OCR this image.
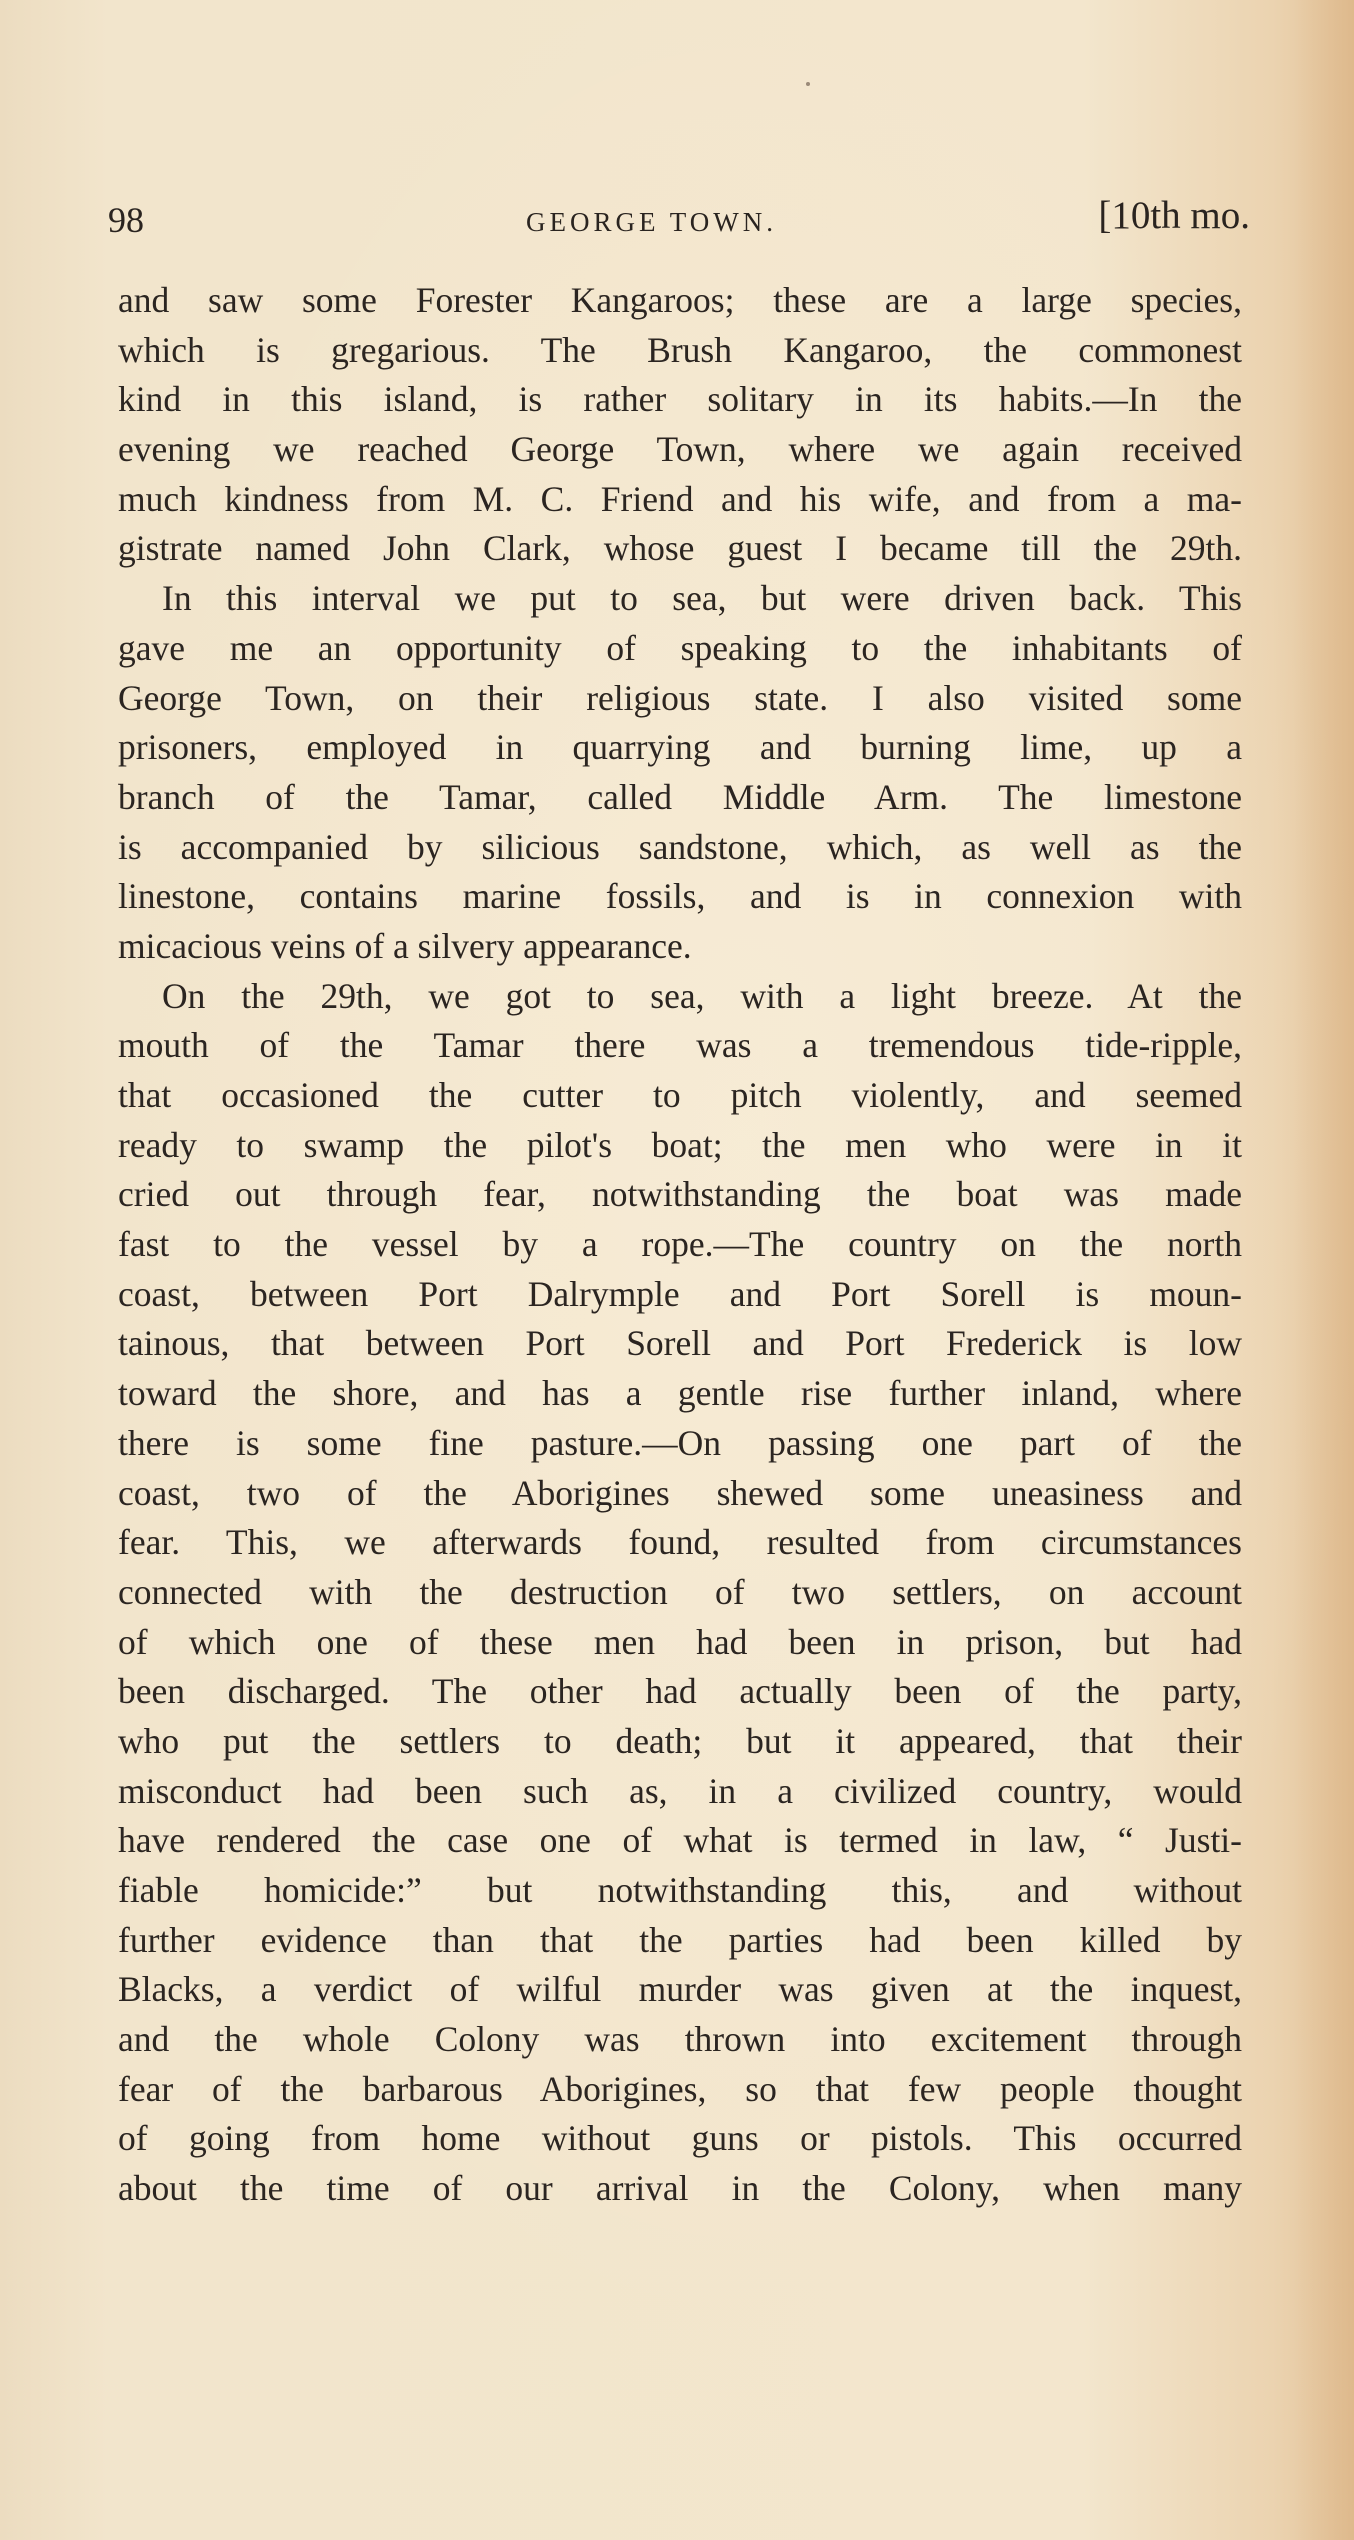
98	GEORGE TOWN.	[10th mo.
and saw some Forester Kangaroos; these are a large species,
which is gregarious. The Brush Kangaroo, the commonest
kind in this island, is rather solitary in its habits.—In the
evening we reached George Town, where we again received
much kindness from M. C. Friend and his wife, and from a ma-
gistrate named John Clark, whose guest I became till the 29th.
In this interval we put to sea, but were driven back. This
gave me an opportunity of speaking to the inhabitants of
George Town, on their religious state. I also visited some
prisoners, employed in quarrying and burning lime, up a
branch of the Tamar, called Middle Arm. The limestone
is accompanied by silicious sandstone, which, as well as the
linestone, contains marine fossils, and is in connexion with
micacious veins of a silvery appearance.
On the 29th, we got to sea, with a light breeze. At the
mouth of the Tamar there was a tremendous tide-ripple,
that occasioned the cutter to pitch violently, and seemed
ready to swamp the pilot's boat; the men who were in it
cried out through fear, notwithstanding the boat was made
fast to the vessel by a rope.—The country on the north
coast, between Port Dalrymple and Port Sorell is moun-
tainous, that between Port Sorell and Port Frederick is low
toward the shore, and has a gentle rise further inland, where
there is some fine pasture.—On passing one part of the
coast, two of the Aborigines shewed some uneasiness and
fear. This, we afterwards found, resulted from circumstances
connected with the destruction of two settlers, on account
of which one of these men had been in prison, but had
been discharged. The other had actually been of the party,
who put the settlers to death; but it appeared, that their
misconduct had been such as, in a civilized country, would
have rendered the case one of what is termed in law, “ Justi-
fiable homicide:” but notwithstanding this, and without
further evidence than that the parties had been killed by
Blacks, a verdict of wilful murder was given at the inquest,
and the whole Colony was thrown into excitement through
fear of the barbarous Aborigines, so that few people thought
of going from home without guns or pistols. This occurred
about the time of our arrival in the Colony, when many
